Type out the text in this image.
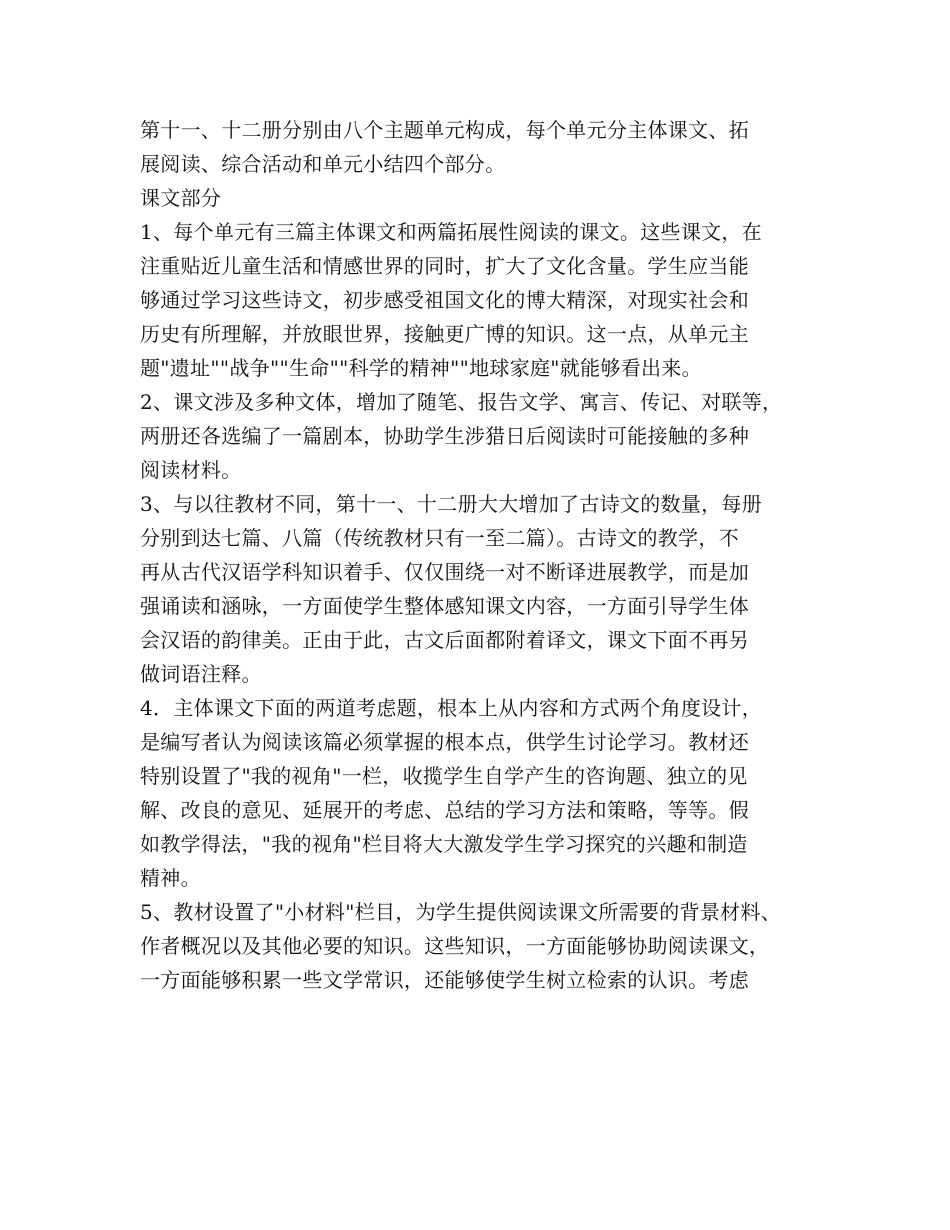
第十一、十二册分别由八个主题单元构成，每个单元分主体课文、拓
展阅读、综合活动和单元小结四个部分。
课文部分
1、每个单元有三篇主体课文和两篇拓展性阅读的课文。这些课文，在
注重贴近儿童生活和情感世界的同时，扩大了文化含量。学生应当能
够通过学习这些诗文，初步感受祖国文化的博大精深，对现实社会和
历史有所理解，并放眼世界，接触更广博的知识。这一点，从单元主
题"遗址""战争""生命""科学的精神""地球家庭"就能够看出来。
2、课文涉及多种文体，增加了随笔、报告文学、寓言、传记、对联等，
两册还各选编了一篇剧本，协助学生涉猎日后阅读时可能接触的多种
阅读材料。
3、与以往教材不同，第十一、十二册大大增加了古诗文的数量，每册
分别到达七篇、八篇（传统教材只有一至二篇）。古诗文的教学，不
再从古代汉语学科知识着手、仅仅围绕一对不断译进展教学，而是加
强诵读和涵咏，一方面使学生整体感知课文内容，一方面引导学生体
会汉语的韵律美。正由于此，古文后面都附着译文，课文下面不再另
做词语注释。
4．主体课文下面的两道考虑题，根本上从内容和方式两个角度设计，
是编写者认为阅读该篇必须掌握的根本点，供学生讨论学习。教材还
特别设置了"我的视角"一栏，收揽学生自学产生的咨询题、独立的见
解、改良的意见、延展开的考虑、总结的学习方法和策略，等等。假
如教学得法，"我的视角"栏目将大大激发学生学习探究的兴趣和制造
精神。
5、教材设置了"小材料"栏目，为学生提供阅读课文所需要的背景材料、
作者概况以及其他必要的知识。这些知识，一方面能够协助阅读课文，
一方面能够积累一些文学常识，还能够使学生树立检索的认识。考虑
